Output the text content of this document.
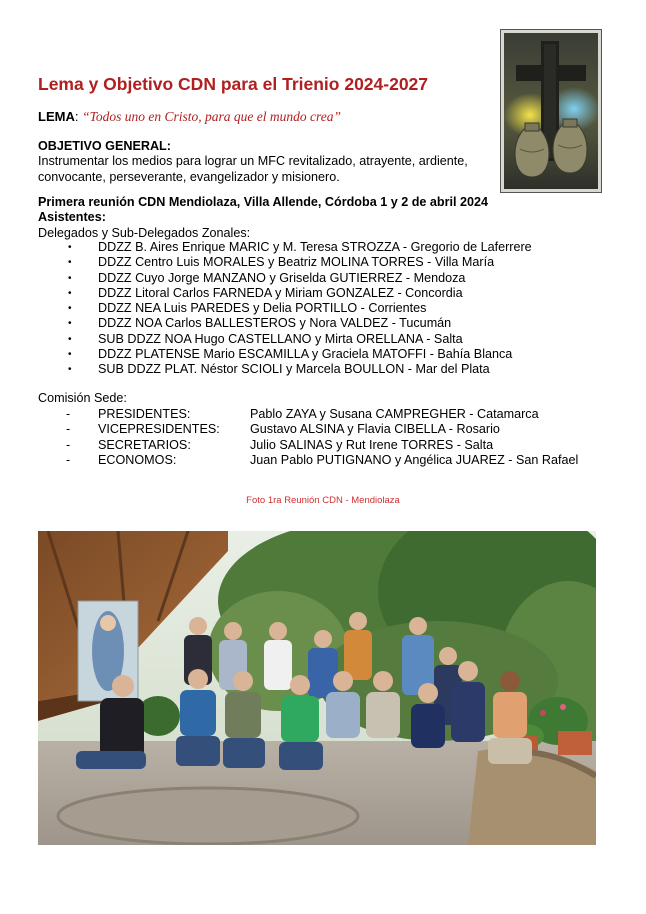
Lema y Objetivo CDN para el Trienio 2024-2027
LEMA: “Todos uno en Cristo, para que el mundo crea”
OBJETIVO GENERAL:
Instrumentar los medios para lograr un MFC revitalizado, atrayente, ardiente,
convocante, perseverante, evangelizador y misionero.
Primera reunión CDN Mendiolaza, Villa Allende, Córdoba 1 y 2 de abril 2024
Asistentes:
Delegados y Sub-Delegados Zonales:
• DDZZ B. Aires Enrique MARIC y M. Teresa STROZZA - Gregorio de Laferrere
• DDZZ Centro Luis MORALES y Beatriz MOLINA TORRES - Villa María
• DDZZ Cuyo Jorge MANZANO y Griselda GUTIERREZ - Mendoza
• DDZZ Litoral Carlos FARNEDA y Miriam GONZALEZ - Concordia
• DDZZ NEA Luis PAREDES y Delia PORTILLO - Corrientes
• DDZZ NOA Carlos BALLESTEROS y Nora VALDEZ - Tucumán
• SUB DDZZ NOA Hugo CASTELLANO y Mirta ORELLANA - Salta
• DDZZ PLATENSE Mario ESCAMILLA y Graciela MATOFFI - Bahía Blanca
• SUB DDZZ PLAT. Néstor SCIOLI y Marcela BOULLON - Mar del Plata
Comisión Sede:
-	PRESIDENTES:	Pablo ZAYA y Susana CAMPREGHER - Catamarca
-	VICEPRESIDENTES:	Gustavo ALSINA y Flavia CIBELLA - Rosario
-	SECRETARIOS:	Julio SALINAS y Rut Irene TORRES - Salta
-	ECONOMOS:	Juan Pablo PUTIGNANO y Angélica JUAREZ - San Rafael
Foto 1ra Reunión CDN - Mendiolaza
